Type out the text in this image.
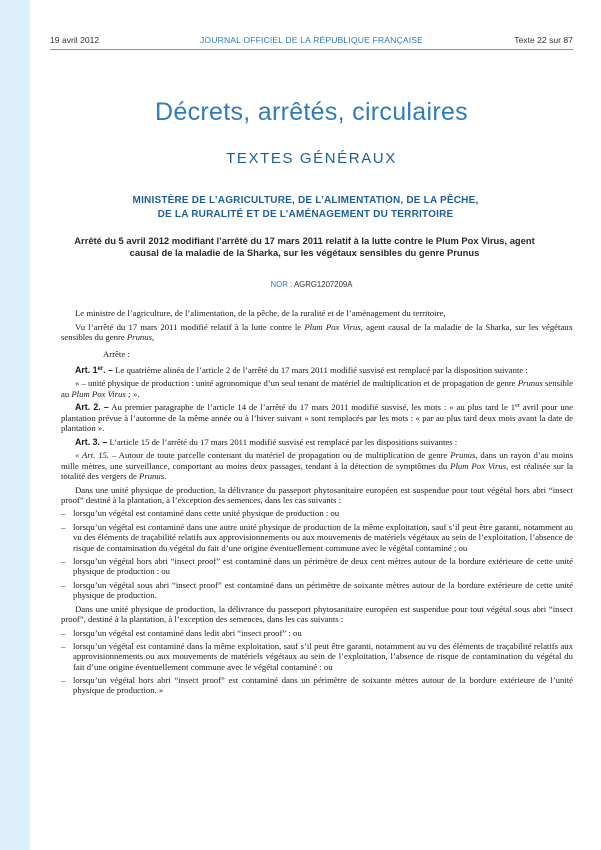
19 avril 2012	JOURNAL OFFICIEL DE LA RÉPUBLIQUE FRANÇAISE	Texte 22 sur 87
Décrets, arrêtés, circulaires
TEXTES GÉNÉRAUX
MINISTÈRE DE L’AGRICULTURE, DE L’ALIMENTATION, DE LA PÊCHE,
DE LA RURALITÉ ET DE L’AMÉNAGEMENT DU TERRITOIRE
Arrêté du 5 avril 2012 modifiant l’arrêté du 17 mars 2011 relatif à la lutte contre le Plum Pox Virus, agent causal de la maladie de la Sharka, sur les végétaux sensibles du genre Prunus
NOR : AGRG1207209A

Le ministre de l’agriculture, de l’alimentation, de la pêche, de la ruralité et de l’aménagement du territoire,

Vu l’arrêté du 17 mars 2011 modifié relatif à la lutte contre le Plum Pox Virus, agent causal de la maladie de la Sharka, sur les végétaux sensibles du genre Prunus,

Arrête :

Art. 1er. – Le quatrième alinéa de l’article 2 de l’arrêté du 17 mars 2011 modifié susvisé est remplacé par la disposition suivante :

« – unité physique de production : unité agronomique d’un seul tenant de matériel de multiplication et de propagation de genre Prunus sensible au Plum Pox Virus ; ».

Art. 2. – Au premier paragraphe de l’article 14 de l’arrêté du 17 mars 2011 modifié susvisé, les mots : « au plus tard le 1er avril pour une plantation prévue à l’automne de la même année ou à l’hiver suivant » sont remplacés par les mots : « par au plus tard deux mois avant la date de plantation ».

Art. 3. – L’article 15 de l’arrêté du 17 mars 2011 modifié susvisé est remplacé par les dispositions suivantes :

« Art. 15. – Autour de toute parcelle contenant du matériel de propagation ou de multiplication de genre Prunus, dans un rayon d’au moins mille mètres, une surveillance, comportant au moins deux passages, tendant à la détection de symptômes du Plum Pox Virus, est réalisée sur la totalité des vergers de Prunus.

Dans une unité physique de production, la délivrance du passeport phytosanitaire européen est suspendue pour tout végétal hors abri “insect proof” destiné à la plantation, à l’exception des semences, dans les cas suivants :

– lorsqu’un végétal est contaminé dans cette unité physique de production : ou
– lorsqu’un végétal est contaminé dans une autre unité physique de production de la même exploitation, sauf s’il peut être garanti, notamment au vu des éléments de traçabilité relatifs aux approvisionnements ou aux mouvements de matériels végétaux au sein de l’exploitation, l’absence de risque de contamination du végétal du fait d’une origine éventuellement commune avec le végétal contaminé ; ou
– lorsqu’un végétal hors abri “insect proof” est contaminé dans un périmètre de deux cent mètres autour de la bordure extérieure de cette unité physique de production : ou
– lorsqu’un végétal sous abri “insect proof” est contaminé dans un périmètre de soixante mètres autour de la bordure extérieure de cette unité physique de production.

Dans une unité physique de production, la délivrance du passeport phytosanitaire européen est suspendue pour tout végétal sous abri “insect proof”, destiné à la plantation, à l’exception des semences, dans les cas suivants :

– lorsqu’un végétal est contaminé dans ledit abri “insect proof” : ou
– lorsqu’un végétal est contaminé dans la même exploitation, sauf s’il peut être garanti, notamment au vu des éléments de traçabilité relatifs aux approvisionnements ou aux mouvements de matériels végétaux au sein de l’exploitation, l’absence de risque de contamination du végétal du fait d’une origine éventuellement commune avec le végétal contaminé : ou
– lorsqu’un végétal hors abri “insect proof” est contaminé dans un périmètre de soixante mètres autour de la bordure extérieure de l’unité physique de production. »
